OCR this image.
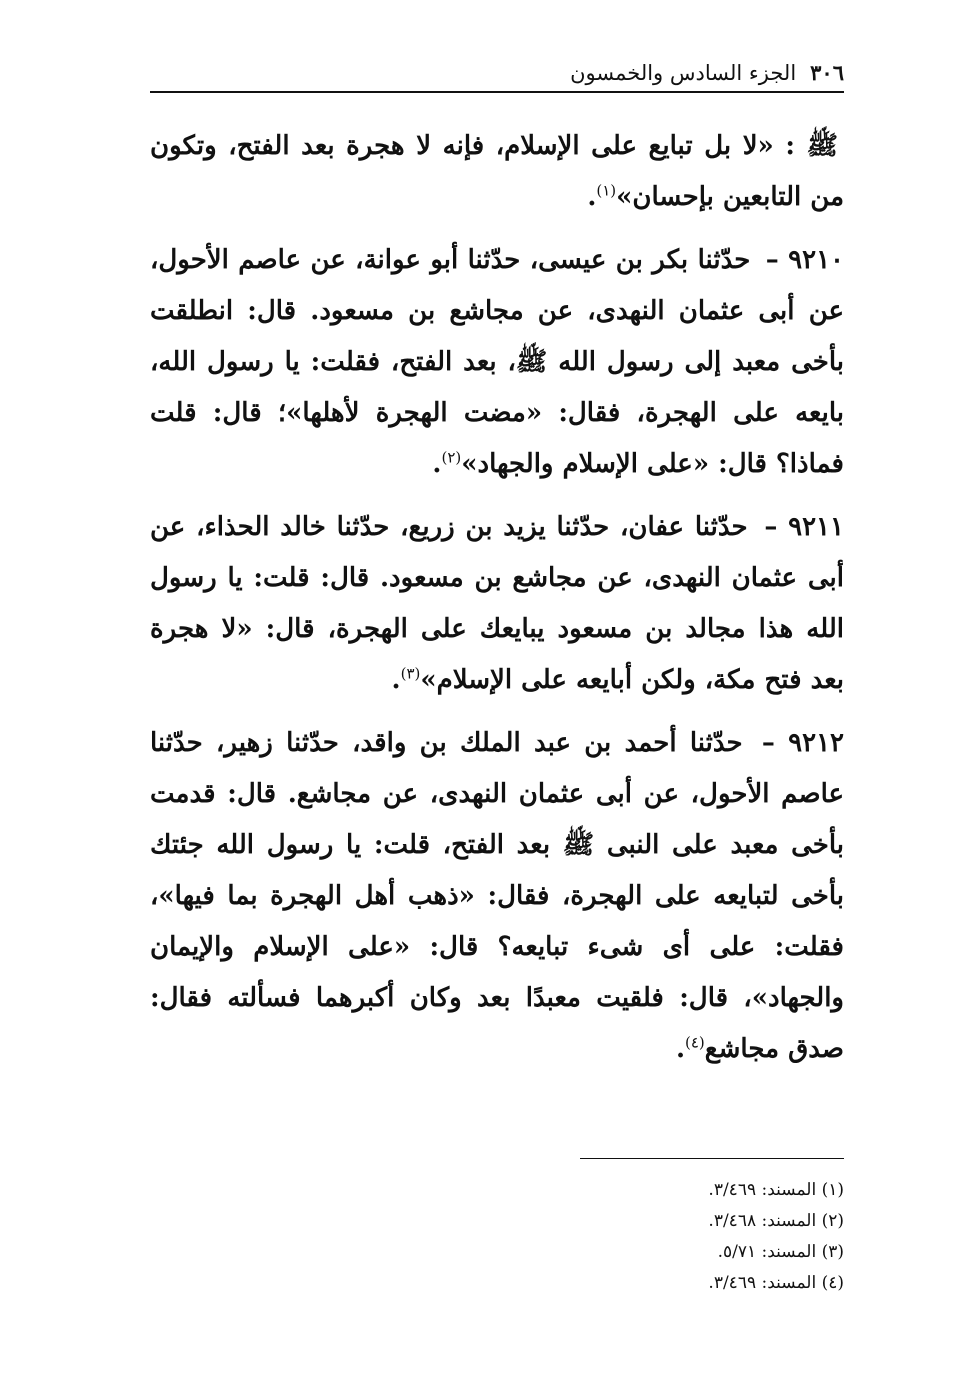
٣٠٦
الجزء السادس والخمسون

ﷺ : «لا بل تبايع على الإسلام، فإنه لا هجرة بعد الفتح، وتكون من التابعين بإحسان»$^{(١)}$.

٩٢١٠ – حدّثنا بكر بن عيسى، حدّثنا أبو عوانة، عن عاصم الأحول، عن أبى عثمان النهدى، عن مجاشع بن مسعود. قال: انطلقت بأخى معبد إلى رسول الله ﷺ، بعد الفتح، فقلت: يا رسول الله، بايعه على الهجرة، فقال: «مضت الهجرة لأهلها»؛ قال: قلت فماذا؟ قال: «على الإسلام والجهاد»$^{(٢)}$.

٩٢١١ – حدّثنا عفان، حدّثنا يزيد بن زريع، حدّثنا خالد الحذاء، عن أبى عثمان النهدى، عن مجاشع بن مسعود. قال: قلت: يا رسول الله هذا مجالد بن مسعود يبايعك على الهجرة، قال: «لا هجرة بعد فتح مكة، ولكن أبايعه على الإسلام»$^{(٣)}$.

٩٢١٢ – حدّثنا أحمد بن عبد الملك بن واقد، حدّثنا زهير، حدّثنا عاصم الأحول، عن أبى عثمان النهدى، عن مجاشع. قال: قدمت بأخى معبد على النبى ﷺ بعد الفتح، قلت: يا رسول الله جئتك بأخى لتبايعه على الهجرة، فقال: «ذهب أهل الهجرة بما فيها»، فقلت: على أى شىء تبايعه؟ قال: «على الإسلام والإيمان والجهاد»، قال: فلقيت معبدًا بعد وكان أكبرهما فسألته فقال: صدق مجاشع$^{(٤)}$.

(١) المسند: ٣/٤٦٩.
(٢) المسند: ٣/٤٦٨.
(٣) المسند: ٥/٧١.
(٤) المسند: ٣/٤٦٩.
